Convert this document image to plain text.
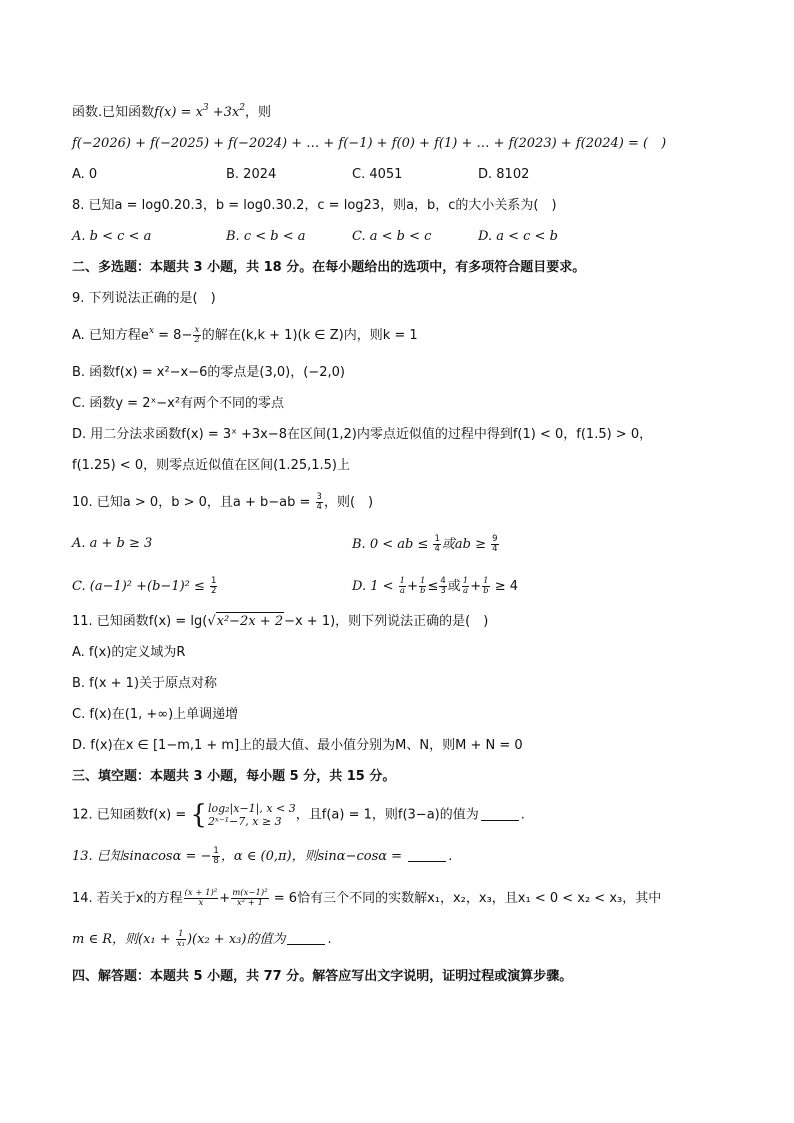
函数.已知函数$f(x) = x^3 +3x^2$，则
f(−2026) + f(−2025) + f(−2024) + … + f(−1) + f(0) + f(1) + … + f(2023) + f(2024) = (　)
A. 0	B. 2024	C. 4051	D. 8102
8. 已知a = log0.20.3，b = log0.30.2，c = log23，则a，b，c的大小关系为(　)
A. b < c < a	B. c < b < a	C. a < b < c	D. a < c < b
二、多选题：本题共 3 小题，共 18 分。在每小题给出的选项中，有多项符合题目要求。
9. 下列说法正确的是(　)
A. 已知方程$e^x = 8- \frac{x}{2}$ 的解在(k,k + 1)(k ∈ Z)内，则k = 1
B. 函数f(x) = x²−x−6的零点是(3,0)，(−2,0)
C. 函数y = 2ˣ−x²有两个不同的零点
D. 用二分法求函数f(x) = 3ˣ +3x−8在区间(1,2)内零点近似值的过程中得到f(1) < 0，f(1.5) > 0，
f(1.25) < 0，则零点近似值在区间(1.25,1.5)上
10. 已知a > 0，b > 0，且$a + b-ab = \frac{3}{4}$ ，则(　)
A. a + b ≥ 3	B. 0 < ab ≤ $\frac{1}{4}$ 或ab ≥ $\frac{9}{4}$
C. $(a-1)^2 +(b-1)^2 \le \frac{1}{2}$	D. $1 < \frac{1}{a} + \frac{1}{b} \le \frac{4}{3}$ 或 $\frac{1}{a} + \frac{1}{b} \ge 4$
11. 已知函数f(x) = lg(√x²−2x + 2−x + 1)，则下列说法正确的是(　)
A. f(x)的定义域为R
B. f(x + 1)关于原点对称
C. f(x)在(1, +∞)上单调递增
D. f(x)在x ∈ [1−m,1 + m]上的最大值、最小值分别为M、N，则M + N = 0
三、填空题：本题共 3 小题，每小题 5 分，共 15 分。
12. 已知函数f(x) = { log₂|x−1|, x < 3
2ˣ⁻¹−7, x ≥ 3	，且f(a) = 1，则f(3−a)的值为	.
13. 已知sinαcosα = − $\frac{1}{8}$ ，α ∈ (0,π)，则sinα−cosα =	.
14. 若关于x的方程 $\frac{\text{(x + 1)²}}{x} + \frac{\text{m(x−1)²}}{\text{x² + 1}} = 6$恰有三个不同的实数解x₁，x₂，x₃，且x₁ < 0 < x₂ < x₃，其中
m ∈ R，则$(x_1 + \frac{1}{\text{x₁}} )(x_2 + x_3)$的值为	.
四、解答题：本题共 5 小题，共 77 分。解答应写出文字说明，证明过程或演算步骤。
